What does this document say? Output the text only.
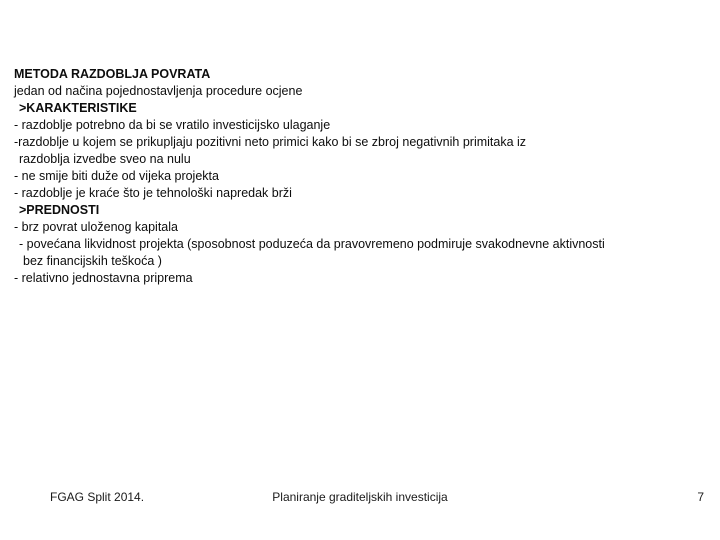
METODA RAZDOBLJA POVRATA
jedan od načina pojednostavljenja procedure ocjene
>KARAKTERISTIKE
- razdoblje potrebno da bi se vratilo investicijsko ulaganje
-razdoblje u kojem se prikupljaju pozitivni neto primici kako bi se zbroj negativnih primitaka iz
razdoblja izvedbe sveo na nulu
- ne smije biti duže od vijeka projekta
- razdoblje je kraće što je tehnološki napredak brži
>PREDNOSTI
- brz povrat uloženog kapitala
- povećana likvidnost projekta (sposobnost poduzeća da pravovremeno podmiruje svakodnevne aktivnosti
bez financijskih teškoća )
- relativno jednostavna priprema
FGAG Split 2014.	Planiranje graditeljskih investicija	7
